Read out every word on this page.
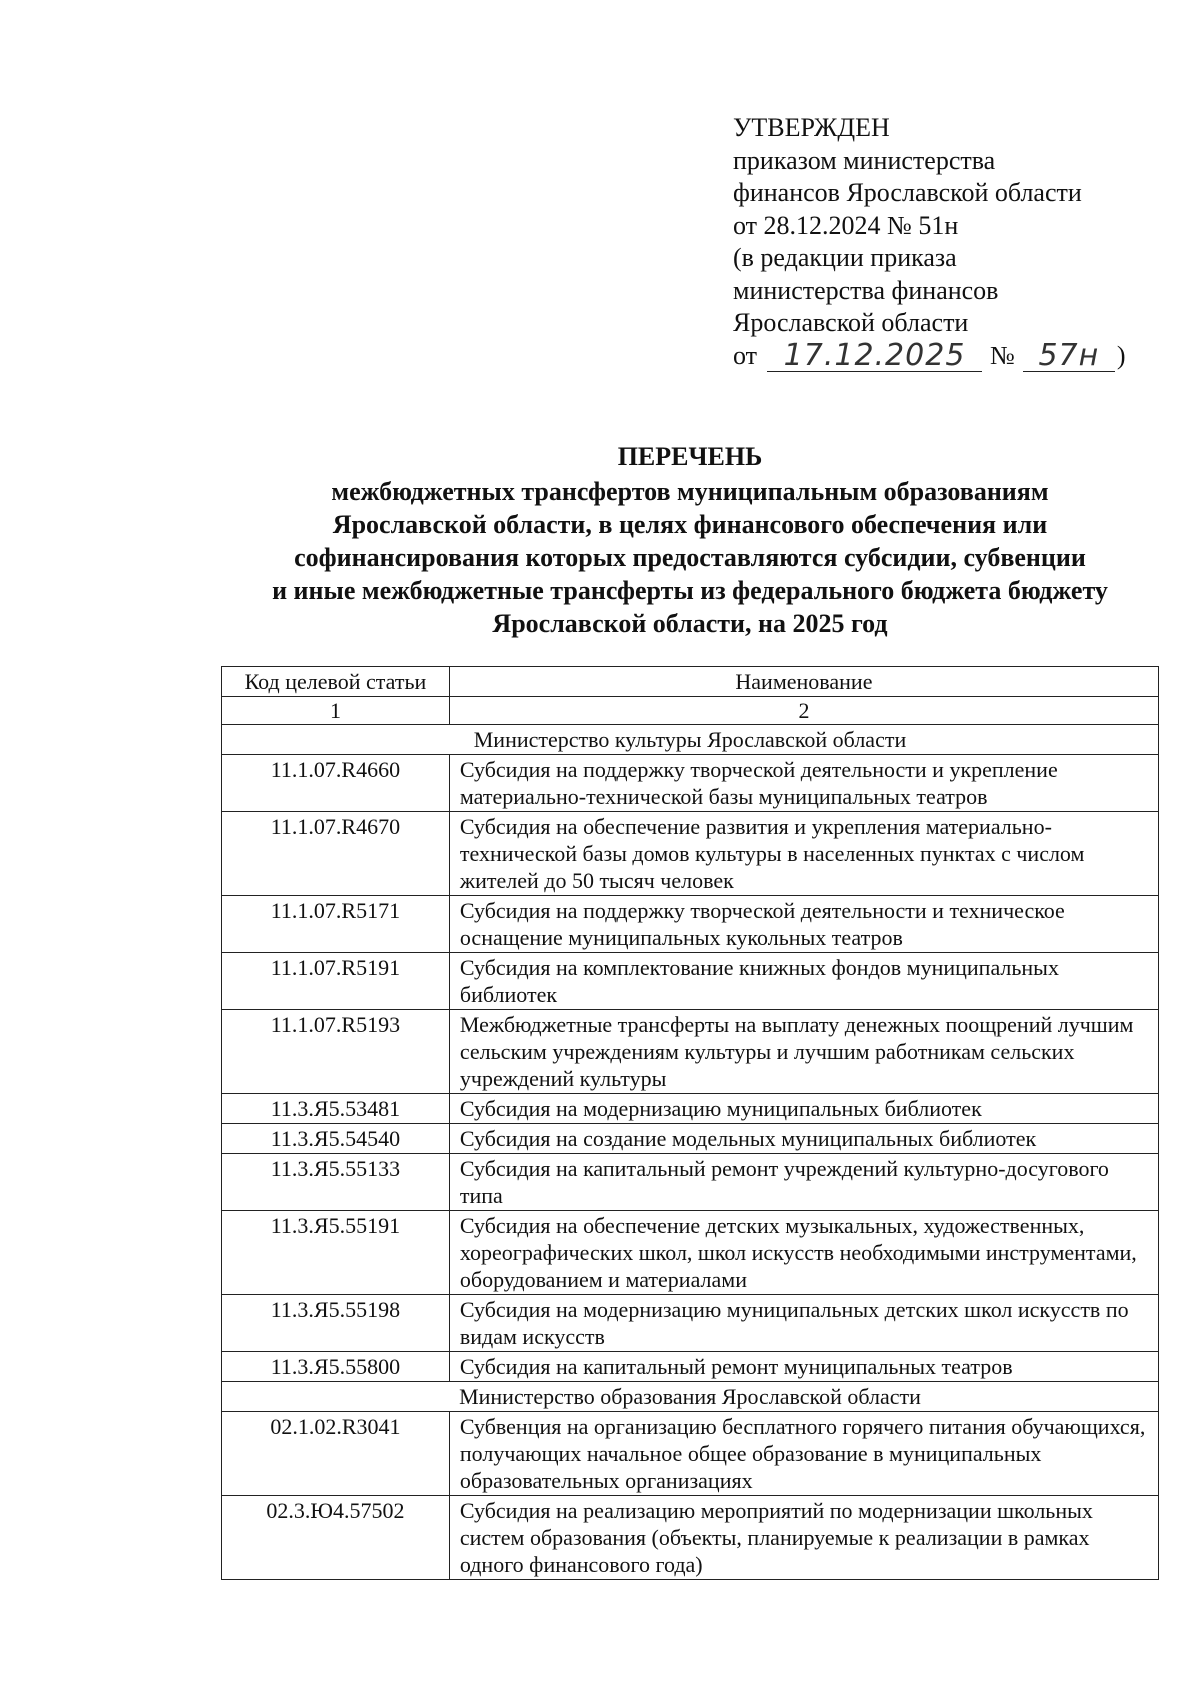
УТВЕРЖДЕН
приказом министерства
финансов Ярославской области
от 28.12.2024 № 51н
(в редакции приказа
министерства финансов
Ярославской области
от 17.12.2025 № 57н )
ПЕРЕЧЕНЬ
межбюджетных трансфертов муниципальным образованиям
Ярославской области, в целях финансового обеспечения или
софинансирования которых предоставляются субсидии, субвенции
и иные межбюджетные трансферты из федерального бюджета бюджету
Ярославской области, на 2025 год
Код целевой статьи	Наименование
1	2
Министерство культуры Ярославской области	
11.1.07.R4660	Субсидия на поддержку творческой деятельности и укрепление материально-технической базы муниципальных театров
11.1.07.R4670	Субсидия на обеспечение развития и укрепления материально-технической базы домов культуры в населенных пунктах с числом жителей до 50 тысяч человек
11.1.07.R5171	Субсидия на поддержку творческой деятельности и техническое оснащение муниципальных кукольных театров
11.1.07.R5191	Субсидия на комплектование книжных фондов муниципальных библиотек
11.1.07.R5193	Межбюджетные трансферты на выплату денежных поощрений лучшим сельским учреждениям культуры и лучшим работникам сельских учреждений культуры
11.3.Я5.53481	Субсидия на модернизацию муниципальных библиотек
11.3.Я5.54540	Субсидия на создание модельных муниципальных библиотек
11.3.Я5.55133	Субсидия на капитальный ремонт учреждений культурно-досугового типа
11.3.Я5.55191	Субсидия на обеспечение детских музыкальных, художественных, хореографических школ, школ искусств необходимыми инструментами, оборудованием и материалами
11.3.Я5.55198	Субсидия на модернизацию муниципальных детских школ искусств по видам искусств
11.3.Я5.55800	Субсидия на капитальный ремонт муниципальных театров
Министерство образования Ярославской области	
02.1.02.R3041	Субвенция на организацию бесплатного горячего питания обучающихся, получающих начальное общее образование в муниципальных образовательных организациях
02.3.Ю4.57502	Субсидия на реализацию мероприятий по модернизации школьных систем образования (объекты, планируемые к реализации в рамках одного финансового года)
